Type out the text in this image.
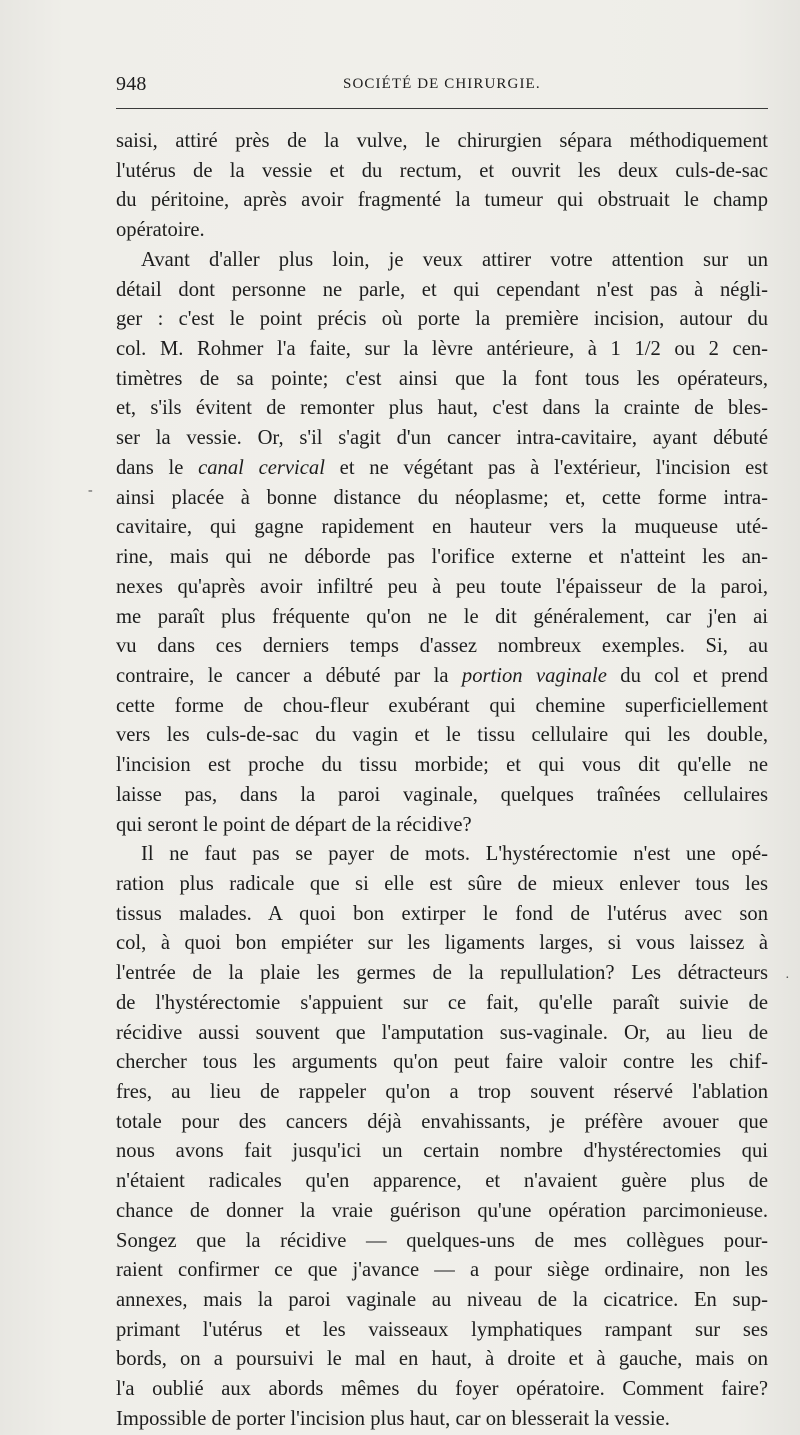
948	SOCIÉTÉ DE CHIRURGIE.
saisi, attiré près de la vulve, le chirurgien sépara méthodiquement
l'utérus de la vessie et du rectum, et ouvrit les deux culs-de-sac
du péritoine, après avoir fragmenté la tumeur qui obstruait le champ
opératoire.
Avant d'aller plus loin, je veux attirer votre attention sur un
détail dont personne ne parle, et qui cependant n'est pas à négli-
ger : c'est le point précis où porte la première incision, autour du
col. M. Rohmer l'a faite, sur la lèvre antérieure, à 1 1/2 ou 2 cen-
timètres de sa pointe; c'est ainsi que la font tous les opérateurs,
et, s'ils évitent de remonter plus haut, c'est dans la crainte de bles-
ser la vessie. Or, s'il s'agit d'un cancer intra-cavitaire, ayant débuté
dans le canal cervical et ne végétant pas à l'extérieur, l'incision est
ainsi placée à bonne distance du néoplasme; et, cette forme intra-
cavitaire, qui gagne rapidement en hauteur vers la muqueuse uté-
rine, mais qui ne déborde pas l'orifice externe et n'atteint les an-
nexes qu'après avoir infiltré peu à peu toute l'épaisseur de la paroi,
me paraît plus fréquente qu'on ne le dit généralement, car j'en ai
vu dans ces derniers temps d'assez nombreux exemples. Si, au
contraire, le cancer a débuté par la portion vaginale du col et prend
cette forme de chou-fleur exubérant qui chemine superficiellement
vers les culs-de-sac du vagin et le tissu cellulaire qui les double,
l'incision est proche du tissu morbide; et qui vous dit qu'elle ne
laisse pas, dans la paroi vaginale, quelques traînées cellulaires
qui seront le point de départ de la récidive?
Il ne faut pas se payer de mots. L'hystérectomie n'est une opé-
ration plus radicale que si elle est sûre de mieux enlever tous les
tissus malades. A quoi bon extirper le fond de l'utérus avec son
col, à quoi bon empiéter sur les ligaments larges, si vous laissez à
l'entrée de la plaie les germes de la repullulation? Les détracteurs
de l'hystérectomie s'appuient sur ce fait, qu'elle paraît suivie de
récidive aussi souvent que l'amputation sus-vaginale. Or, au lieu de
chercher tous les arguments qu'on peut faire valoir contre les chif-
fres, au lieu de rappeler qu'on a trop souvent réservé l'ablation
totale pour des cancers déjà envahissants, je préfère avouer que
nous avons fait jusqu'ici un certain nombre d'hystérectomies qui
n'étaient radicales qu'en apparence, et n'avaient guère plus de
chance de donner la vraie guérison qu'une opération parcimonieuse.
Songez que la récidive — quelques-uns de mes collègues pour-
raient confirmer ce que j'avance — a pour siège ordinaire, non les
annexes, mais la paroi vaginale au niveau de la cicatrice. En sup-
primant l'utérus et les vaisseaux lymphatiques rampant sur ses
bords, on a poursuivi le mal en haut, à droite et à gauche, mais on
l'a oublié aux abords mêmes du foyer opératoire. Comment faire?
Impossible de porter l'incision plus haut, car on blesserait la vessie.
-
·
